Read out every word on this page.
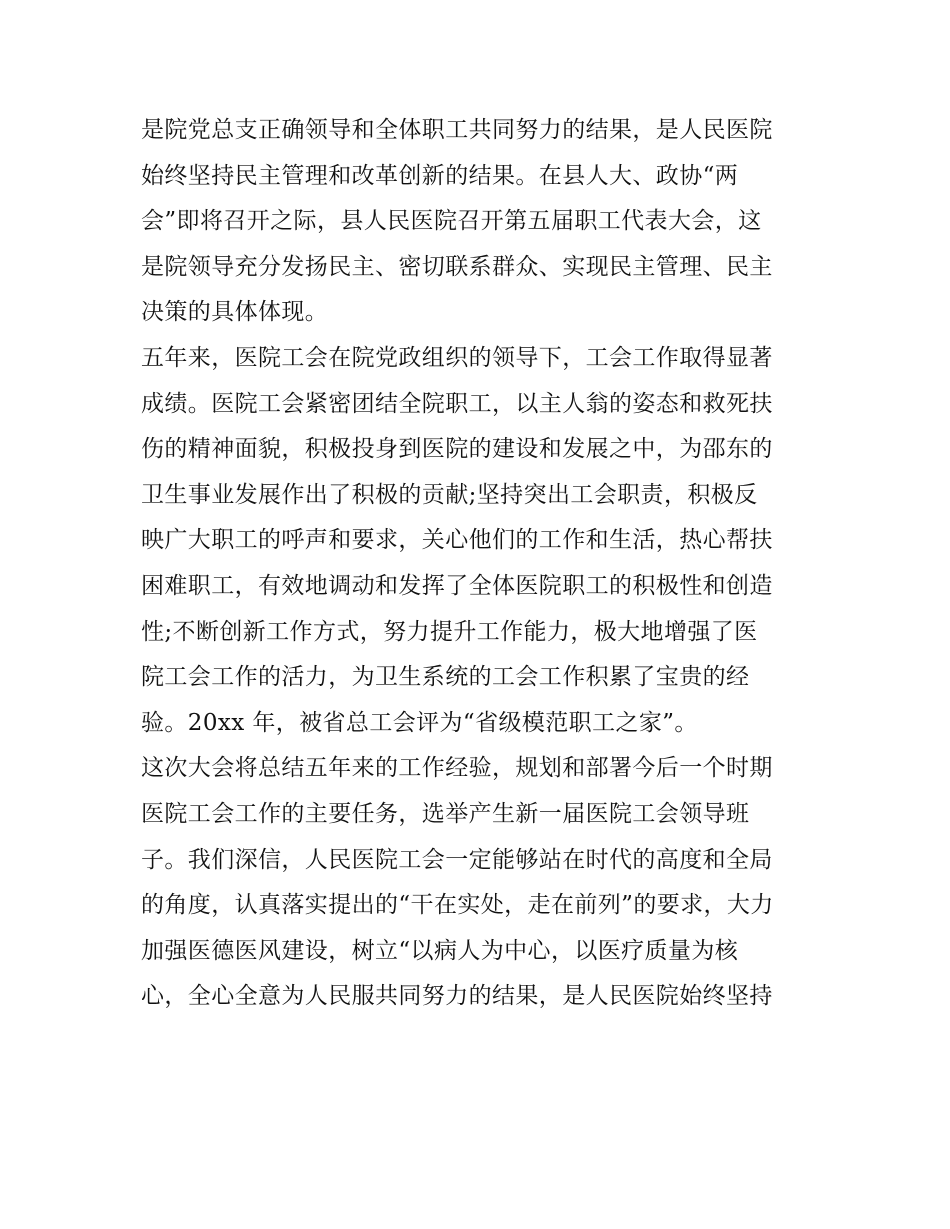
是院党总支正确领导和全体职工共同努力的结果，是人民医院
始终坚持民主管理和改革创新的结果。在县人大、政协“两
会”即将召开之际，县人民医院召开第五届职工代表大会，这
是院领导充分发扬民主、密切联系群众、实现民主管理、民主
决策的具体体现。
五年来，医院工会在院党政组织的领导下，工会工作取得显著
成绩。医院工会紧密团结全院职工，以主人翁的姿态和救死扶
伤的精神面貌，积极投身到医院的建设和发展之中，为邵东的
卫生事业发展作出了积极的贡献;坚持突出工会职责，积极反
映广大职工的呼声和要求，关心他们的工作和生活，热心帮扶
困难职工，有效地调动和发挥了全体医院职工的积极性和创造
性;不断创新工作方式，努力提升工作能力，极大地增强了医
院工会工作的活力，为卫生系统的工会工作积累了宝贵的经
验。20xx 年，被省总工会评为“省级模范职工之家”。
这次大会将总结五年来的工作经验，规划和部署今后一个时期
医院工会工作的主要任务，选举产生新一届医院工会领导班
子。我们深信，人民医院工会一定能够站在时代的高度和全局
的角度，认真落实提出的“干在实处，走在前列”的要求，大力
加强医德医风建设，树立“以病人为中心，以医疗质量为核
心，全心全意为人民服共同努力的结果，是人民医院始终坚持
